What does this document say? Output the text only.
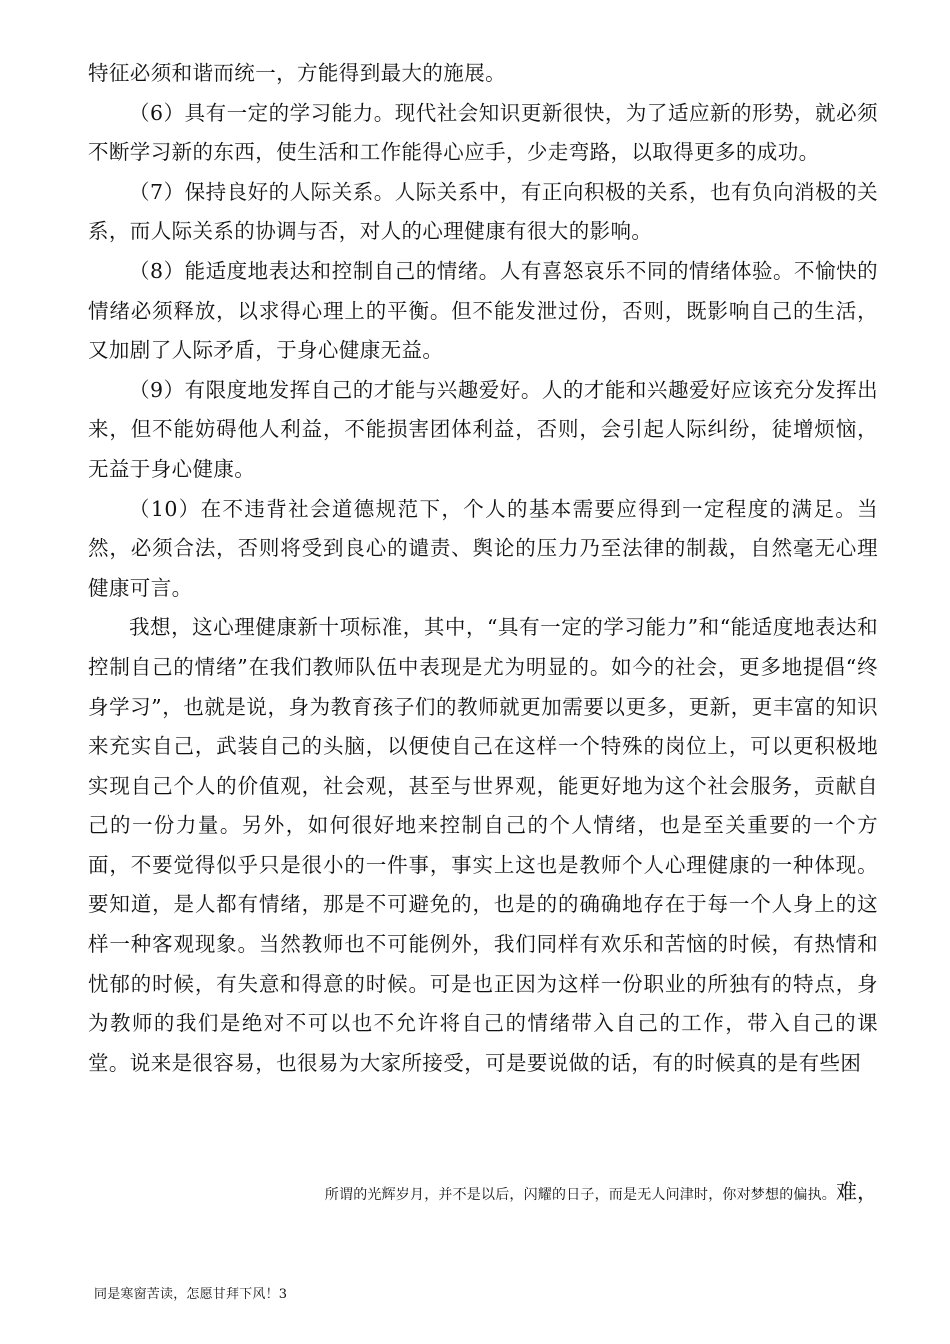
特征必须和谐而统一，方能得到最大的施展。

（6）具有一定的学习能力。现代社会知识更新很快，为了适应新的形势，就必须不断学习新的东西，使生活和工作能得心应手，少走弯路，以取得更多的成功。

（7）保持良好的人际关系。人际关系中，有正向积极的关系，也有负向消极的关系，而人际关系的协调与否，对人的心理健康有很大的影响。

（8）能适度地表达和控制自己的情绪。人有喜怒哀乐不同的情绪体验。不愉快的情绪必须释放，以求得心理上的平衡。但不能发泄过份，否则，既影响自己的生活，又加剧了人际矛盾，于身心健康无益。

（9）有限度地发挥自己的才能与兴趣爱好。人的才能和兴趣爱好应该充分发挥出来，但不能妨碍他人利益，不能损害团体利益，否则，会引起人际纠纷，徒增烦恼，无益于身心健康。

（10）在不违背社会道德规范下，个人的基本需要应得到一定程度的满足。当然，必须合法，否则将受到良心的谴责、舆论的压力乃至法律的制裁，自然毫无心理健康可言。

我想，这心理健康新十项标准，其中，“具有一定的学习能力”和“能适度地表达和控制自己的情绪”在我们教师队伍中表现是尤为明显的。如今的社会，更多地提倡“终身学习”，也就是说，身为教育孩子们的教师就更加需要以更多，更新，更丰富的知识来充实自己，武装自己的头脑，以便使自己在这样一个特殊的岗位上，可以更积极地实现自己个人的价值观，社会观，甚至与世界观，能更好地为这个社会服务，贡献自己的一份力量。另外，如何很好地来控制自己的个人情绪，也是至关重要的一个方面，不要觉得似乎只是很小的一件事，事实上这也是教师个人心理健康的一种体现。要知道，是人都有情绪，那是不可避免的，也是的的确确地存在于每一个人身上的这样一种客观现象。当然教师也不可能例外，我们同样有欢乐和苦恼的时候，有热情和忧郁的时候，有失意和得意的时候。可是也正因为这样一份职业的所独有的特点，身为教师的我们是绝对不可以也不允许将自己的情绪带入自己的工作，带入自己的课堂。说来是很容易，也很易为大家所接受，可是要说做的话，有的时候真的是有些困

所谓的光辉岁月，并不是以后，闪耀的日子，而是无人问津时，你对梦想的偏执。难，
同是寒窗苦读，怎愿甘拜下风！3
